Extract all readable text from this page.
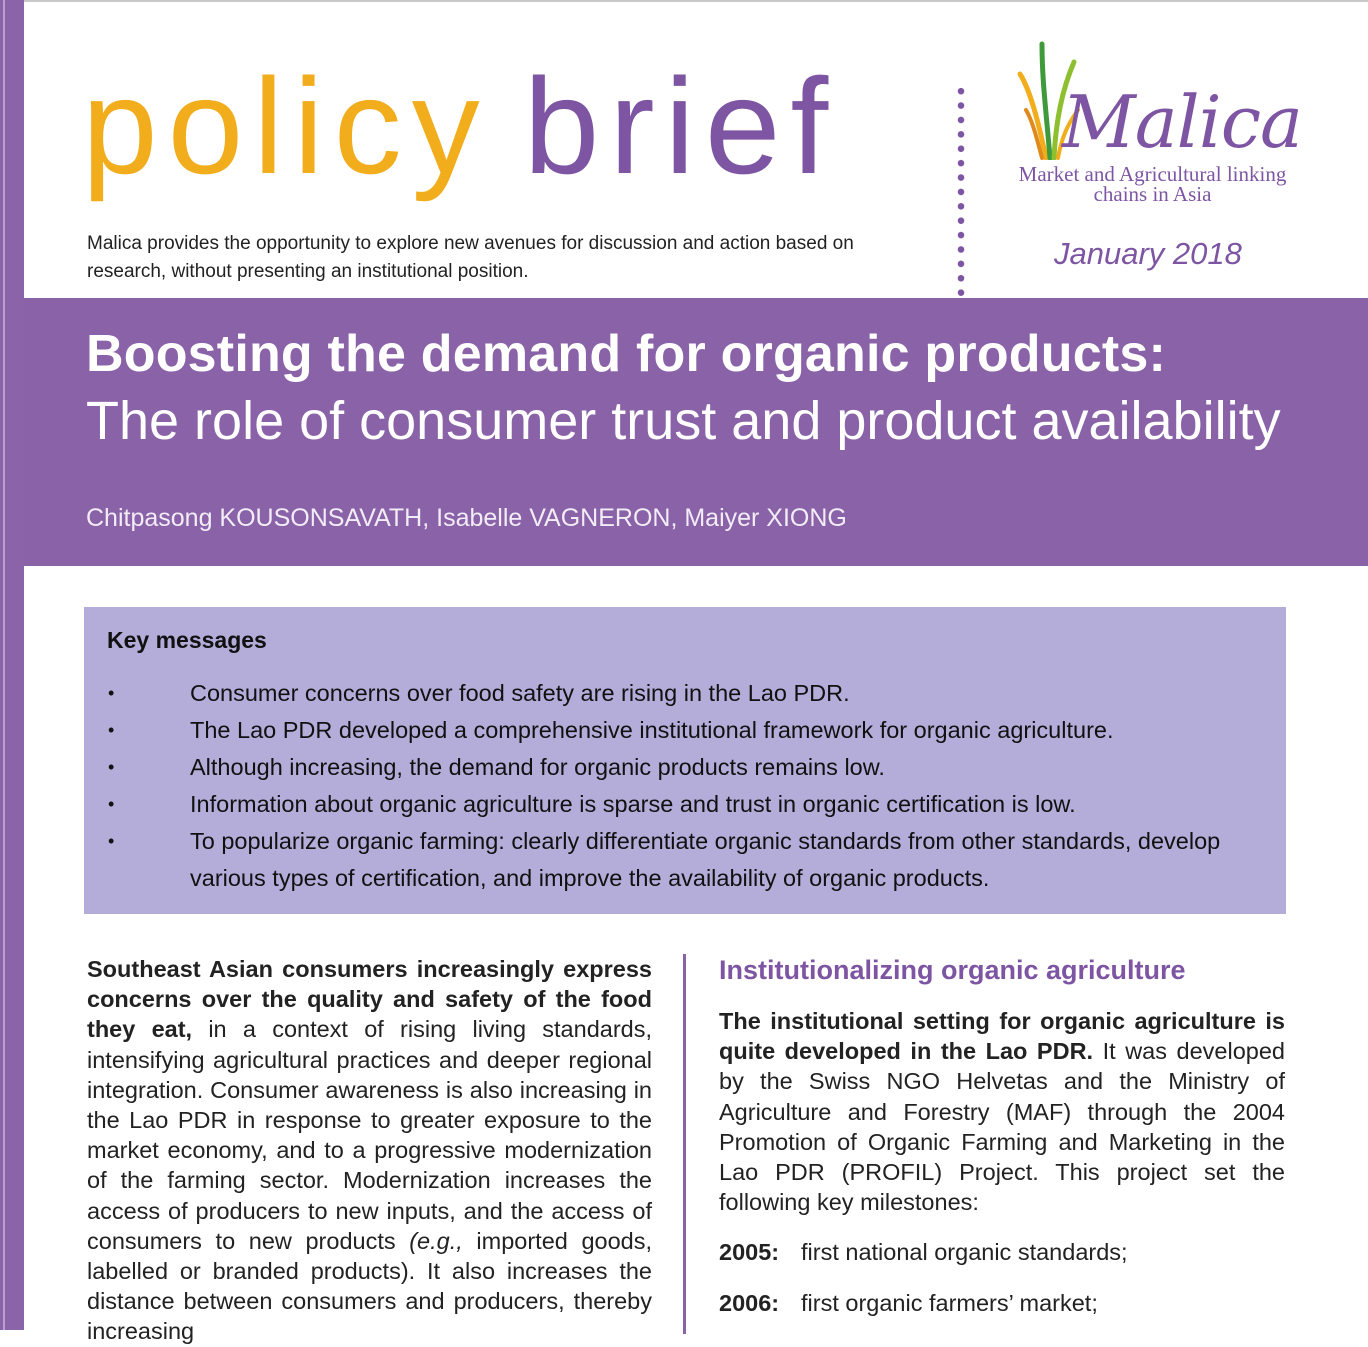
policy brief
Malica provides the opportunity to explore new avenues for discussion and action based on research, without presenting an institutional position.
Malica
Market and Agricultural linking
chains in Asia
January 2018
Boosting the demand for organic products:
The role of consumer trust and product availability
Chitpasong KOUSONSAVATH, Isabelle VAGNERON, Maiyer XIONG
Key messages
•	Consumer concerns over food safety are rising in the Lao PDR.
•	The Lao PDR developed a comprehensive institutional framework for organic agriculture.
•	Although increasing, the demand for organic products remains low.
•	Information about organic agriculture is sparse and trust in organic certification is low.
•	To popularize organic farming: clearly differentiate organic standards from other standards, develop various types of certification, and improve the availability of organic products.
Southeast Asian consumers increasingly express concerns over the quality and safety of the food they eat, in a context of rising living standards, intensifying agricultural practices and deeper regional integration. Consumer awareness is also increasing in the Lao PDR in response to greater exposure to the market economy, and to a progressive modernization of the farming sector. Modernization increases the access of producers to new inputs, and the access of consumers to new products (e.g., imported goods, labelled or branded products). It also increases the distance between consumers and producers, thereby increasing
Institutionalizing organic agriculture
The institutional setting for organic agriculture is quite developed in the Lao PDR. It was developed by the Swiss NGO Helvetas and the Ministry of Agriculture and Forestry (MAF) through the 2004 Promotion of Organic Farming and Marketing in the Lao PDR (PROFIL) Project. This project set the following key milestones:
2005: first national organic standards;
2006: first organic farmers’ market;
